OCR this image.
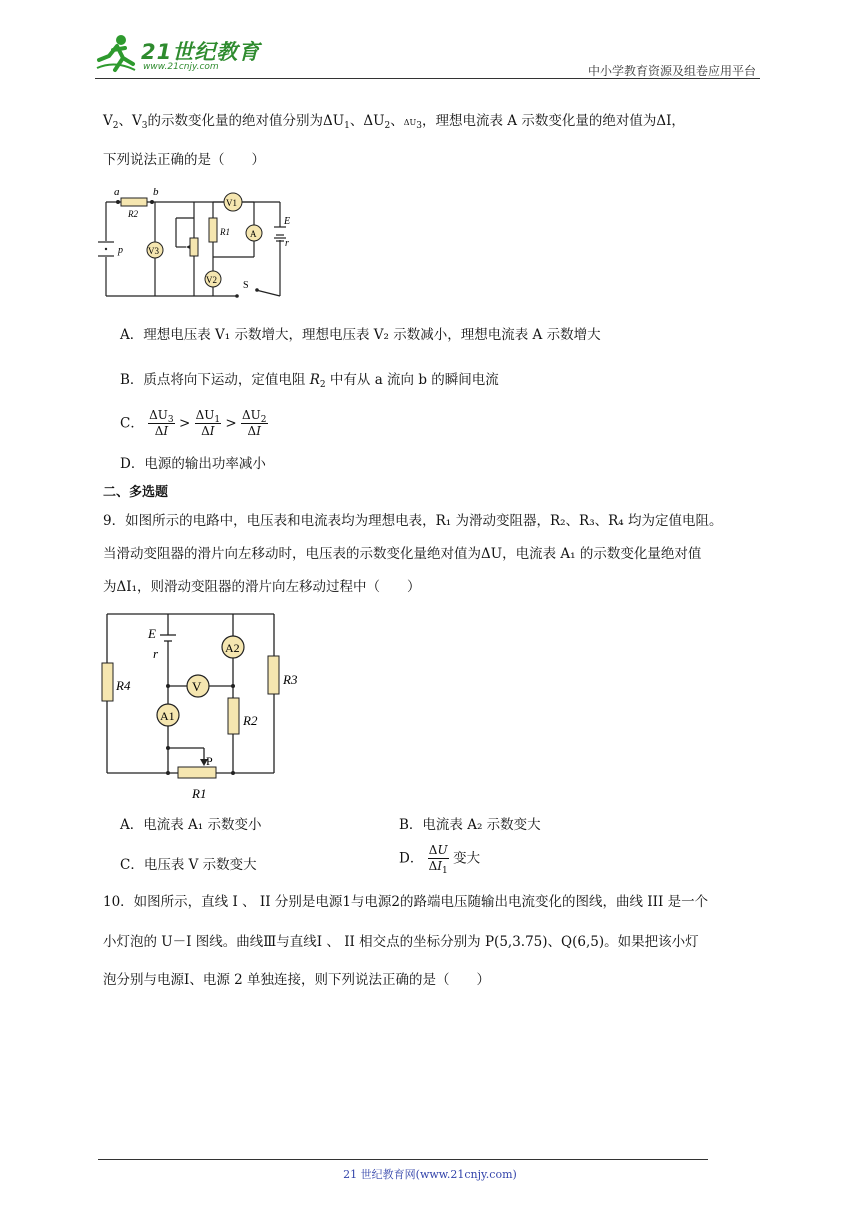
21世纪教育
www.21cnjy.com	中小学教育资源及组卷应用平台
$V_2$、$V_3$的示数变化量的绝对值分别为$\Delta U_1$、$\Delta U_2$、$\Delta U_3$，理想电流表 A 示数变化量的绝对值为ΔI，
下列说法正确的是（　　）
a	b
R2
V3
V1
R1 A
E
r
p
V2	S
A．理想电压表 V₁ 示数增大，理想电压表 V₂ 示数减小，理想电流表 A 示数增大
B．质点将向下运动，定值电阻 $R_2$ 中有从 a 流向 b 的瞬间电流
C． $\frac{\Delta U_3}{\Delta I} > \frac{\Delta U_1}{\Delta I} > \frac{\Delta U_2}{\Delta I}$
D．电源的输出功率减小
二、多选题
9．如图所示的电路中，电压表和电流表均为理想电表，R₁ 为滑动变阻器，R₂、R₃、R₄ 均为定值电阻。
当滑动变阻器的滑片向左移动时，电压表的示数变化量绝对值为ΔU，电流表 A₁ 的示数变化量绝对值
为ΔI₁，则滑动变阻器的滑片向左移动过程中（　　）
E
r	A2
V
A1
R4	R3
R2
P
R1
A．电流表 A₁ 示数变小	B．电流表 A₂ 示数变大
C．电压表 V 示数变大	D． $\frac{\Delta U}{\Delta I_1}$ 变大
10．如图所示，直线 I 、 II 分别是电源1与电源2的路端电压随输出电流变化的图线，曲线 III 是一个
小灯泡的 U－I 图线。曲线Ⅲ与直线I 、 II 相交点的坐标分别为 P(5,3.75)、Q(6,5)。如果把该小灯
泡分别与电源I、电源 2 单独连接，则下列说法正确的是（　　）
21 世纪教育网(www.21cnjy.com)
